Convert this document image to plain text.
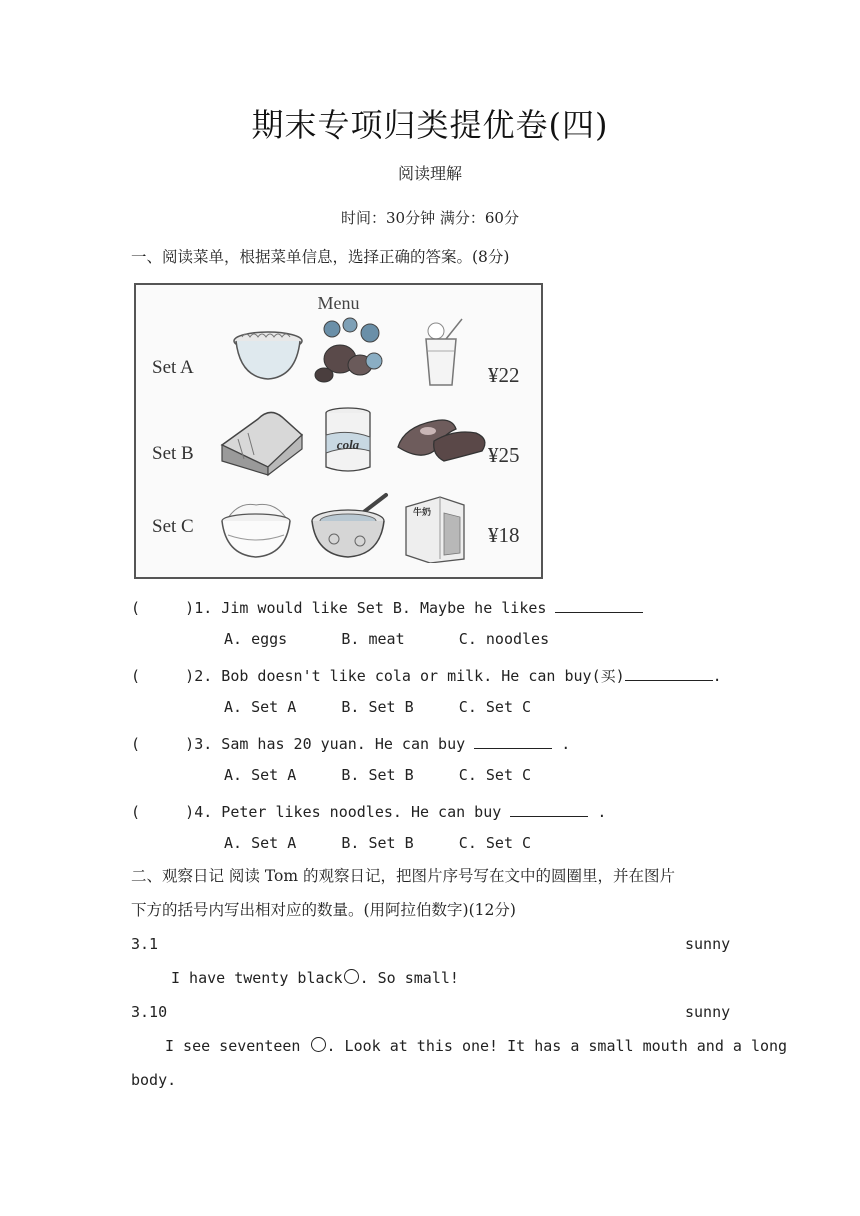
期末专项归类提优卷(四)
阅读理解
时间：30分钟 满分：60分
一、阅读菜单，根据菜单信息，选择正确的答案。(8分)
Menu
Set A	¥22
Set B	cola	¥25
Set C
牛奶
¥18
(     )1. Jim would like Set B. Maybe he likes
A. eggs      B. meat      C. noodles
(     )2. Bob doesn't like cola or milk. He can buy(买)	.
A. Set A     B. Set B     C. Set C
(     )3. Sam has 20 yuan. He can buy	.
A. Set A     B. Set B     C. Set C
(     )4. Peter likes noodles. He can buy	.
A. Set A     B. Set B     C. Set C
二、观察日记 阅读 Tom 的观察日记，把图片序号写在文中的圆圈里，并在图片
下方的括号内写出相对应的数量。(用阿拉伯数字)(12分)
3.1	sunny
I have twenty black . So small!
3.10	sunny
I see seventeen . Look at this one! It has a small mouth and a long
body.
